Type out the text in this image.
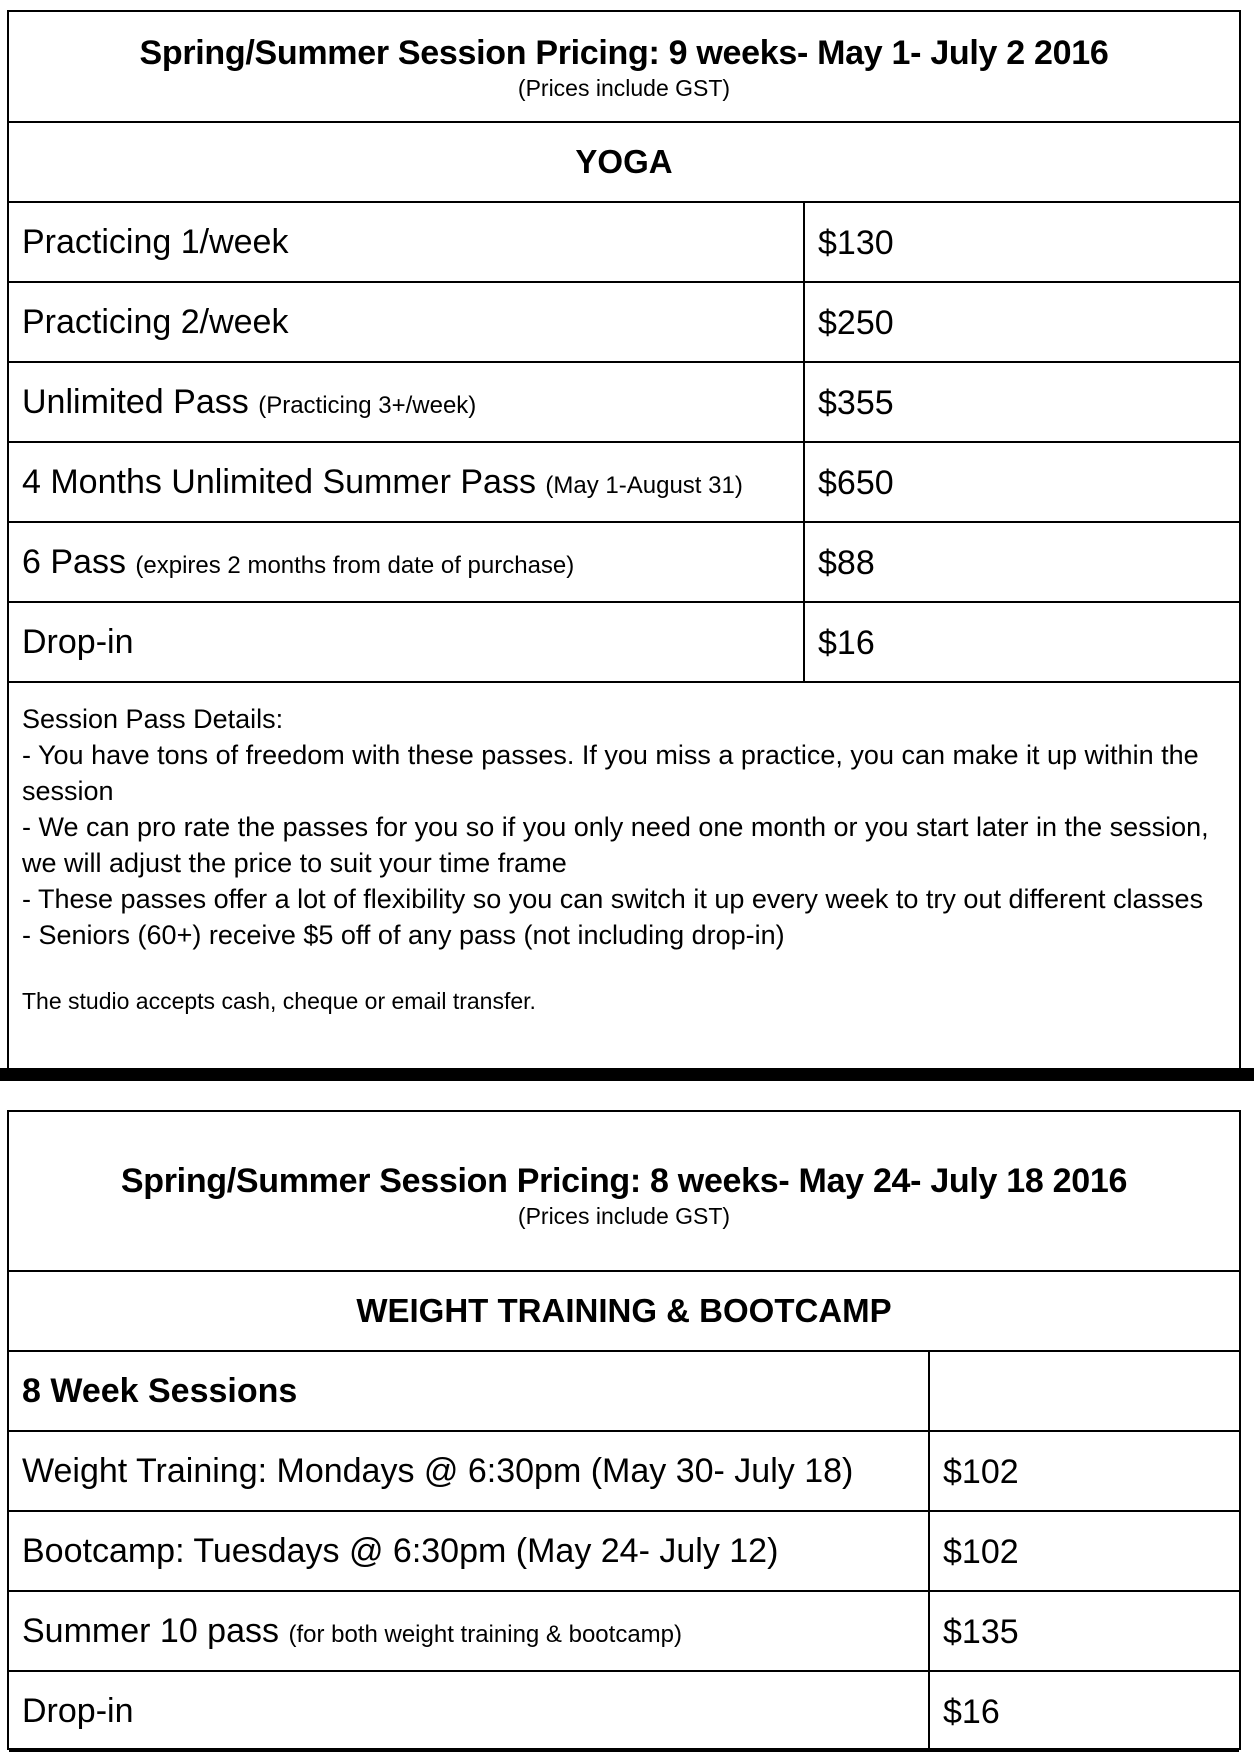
Spring/Summer Session Pricing: 9 weeks- May 1- July 2 2016
(Prices include GST)
YOGA
Practicing 1/week	$130
Practicing 2/week	$250
Unlimited Pass (Practicing 3+/week)	$355
4 Months Unlimited Summer Pass (May 1-August 31)	$650
6 Pass (expires 2 months from date of purchase)	$88
Drop-in	$16
Session Pass Details:
- You have tons of freedom with these passes. If you miss a practice, you can make it up within the session
- We can pro rate the passes for you so if you only need one month or you start later in the session, we will adjust the price to suit your time frame
- These passes offer a lot of flexibility so you can switch it up every week to try out different classes
- Seniors (60+) receive $5 off of any pass (not including drop-in)
The studio accepts cash, cheque or email transfer.
Spring/Summer Session Pricing: 8 weeks- May 24- July 18 2016
(Prices include GST)
WEIGHT TRAINING & BOOTCAMP
8 Week Sessions
Weight Training: Mondays @ 6:30pm (May 30- July 18)	$102
Bootcamp: Tuesdays @ 6:30pm (May 24- July 12)	$102
Summer 10 pass (for both weight training & bootcamp)	$135
Drop-in	$16
